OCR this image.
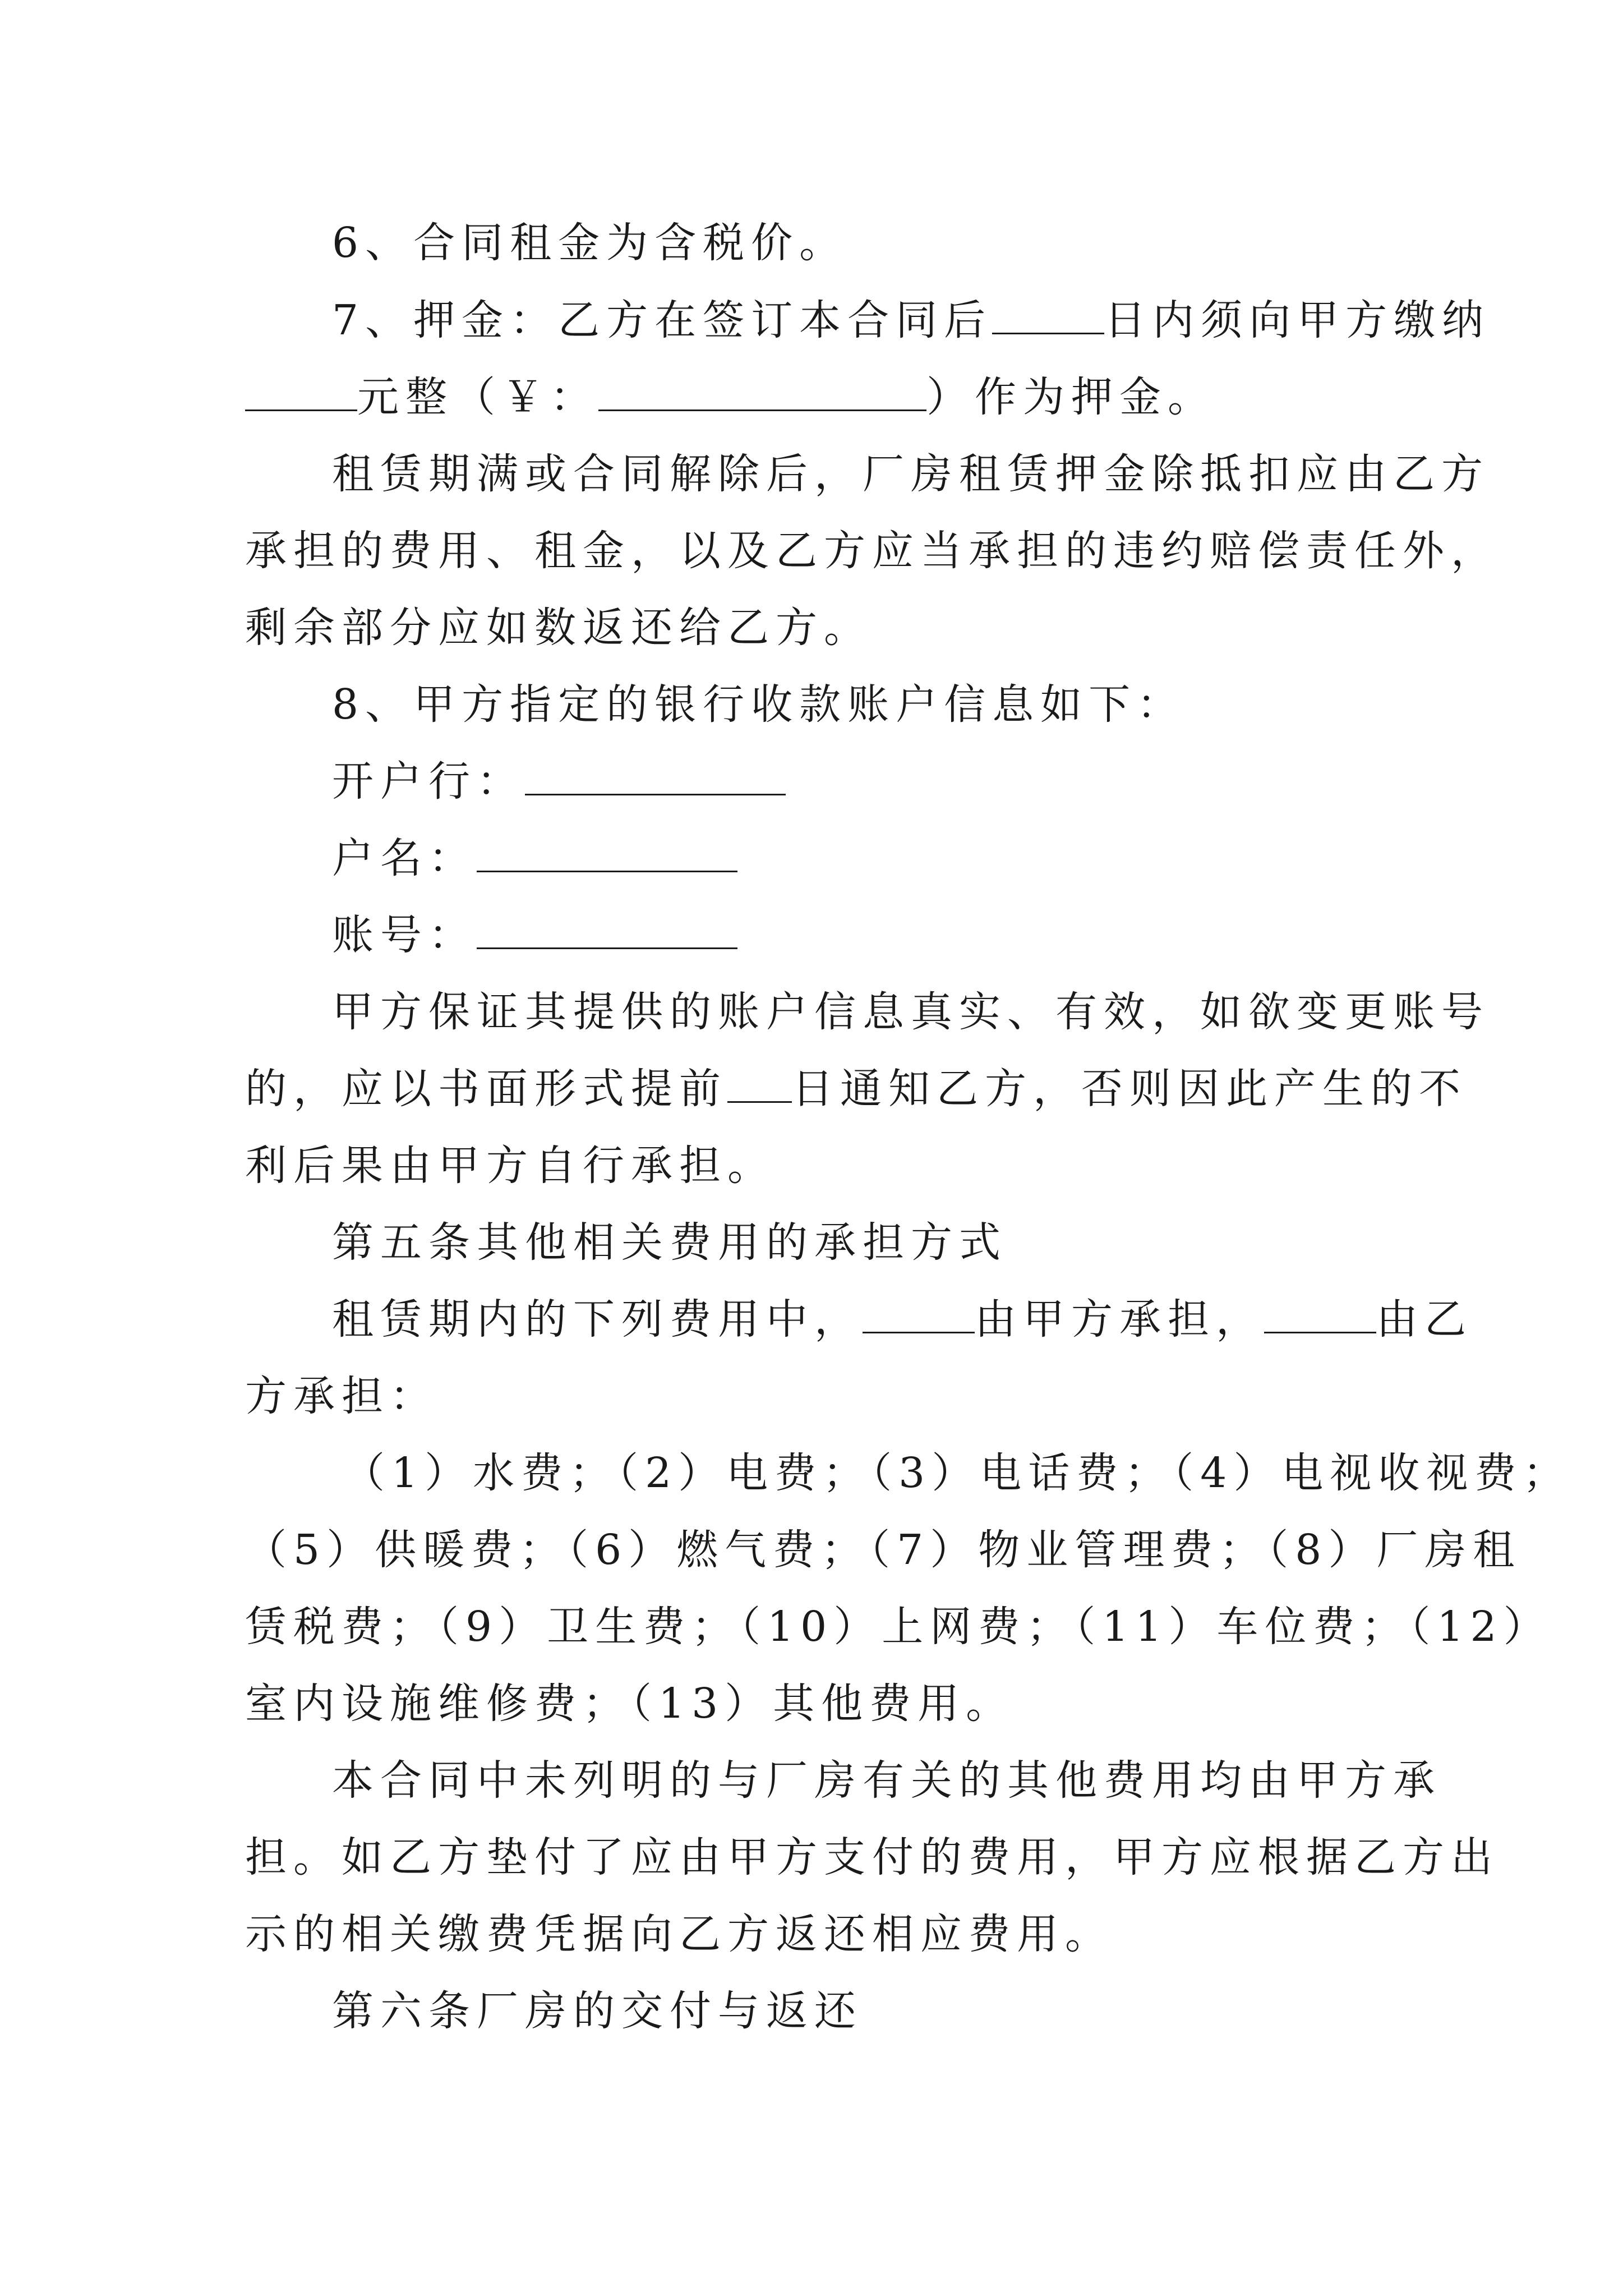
6、合同租金为含税价。
7、押金：乙方在签订本合同后	日内须向甲方缴纳
元整（￥：	）作为押金。
租赁期满或合同解除后，厂房租赁押金除抵扣应由乙方
承担的费用、租金，以及乙方应当承担的违约赔偿责任外，
剩余部分应如数返还给乙方。
8、甲方指定的银行收款账户信息如下：
开户行：
户名：
账号：
甲方保证其提供的账户信息真实、有效，如欲变更账号
的，应以书面形式提前 日通知乙方，否则因此产生的不
利后果由甲方自行承担。
第五条其他相关费用的承担方式
租赁期内的下列费用中，	由甲方承担，	由乙
方承担：
（1）水费；（2）电费；（3）电话费；（4）电视收视费；
（5）供暖费；（6）燃气费；（7）物业管理费；（8）厂房租
赁税费；（9）卫生费；（10）上网费；（11）车位费；（12）
室内设施维修费；（13）其他费用。
本合同中未列明的与厂房有关的其他费用均由甲方承
担。如乙方垫付了应由甲方支付的费用，甲方应根据乙方出
示的相关缴费凭据向乙方返还相应费用。
第六条厂房的交付与返还
